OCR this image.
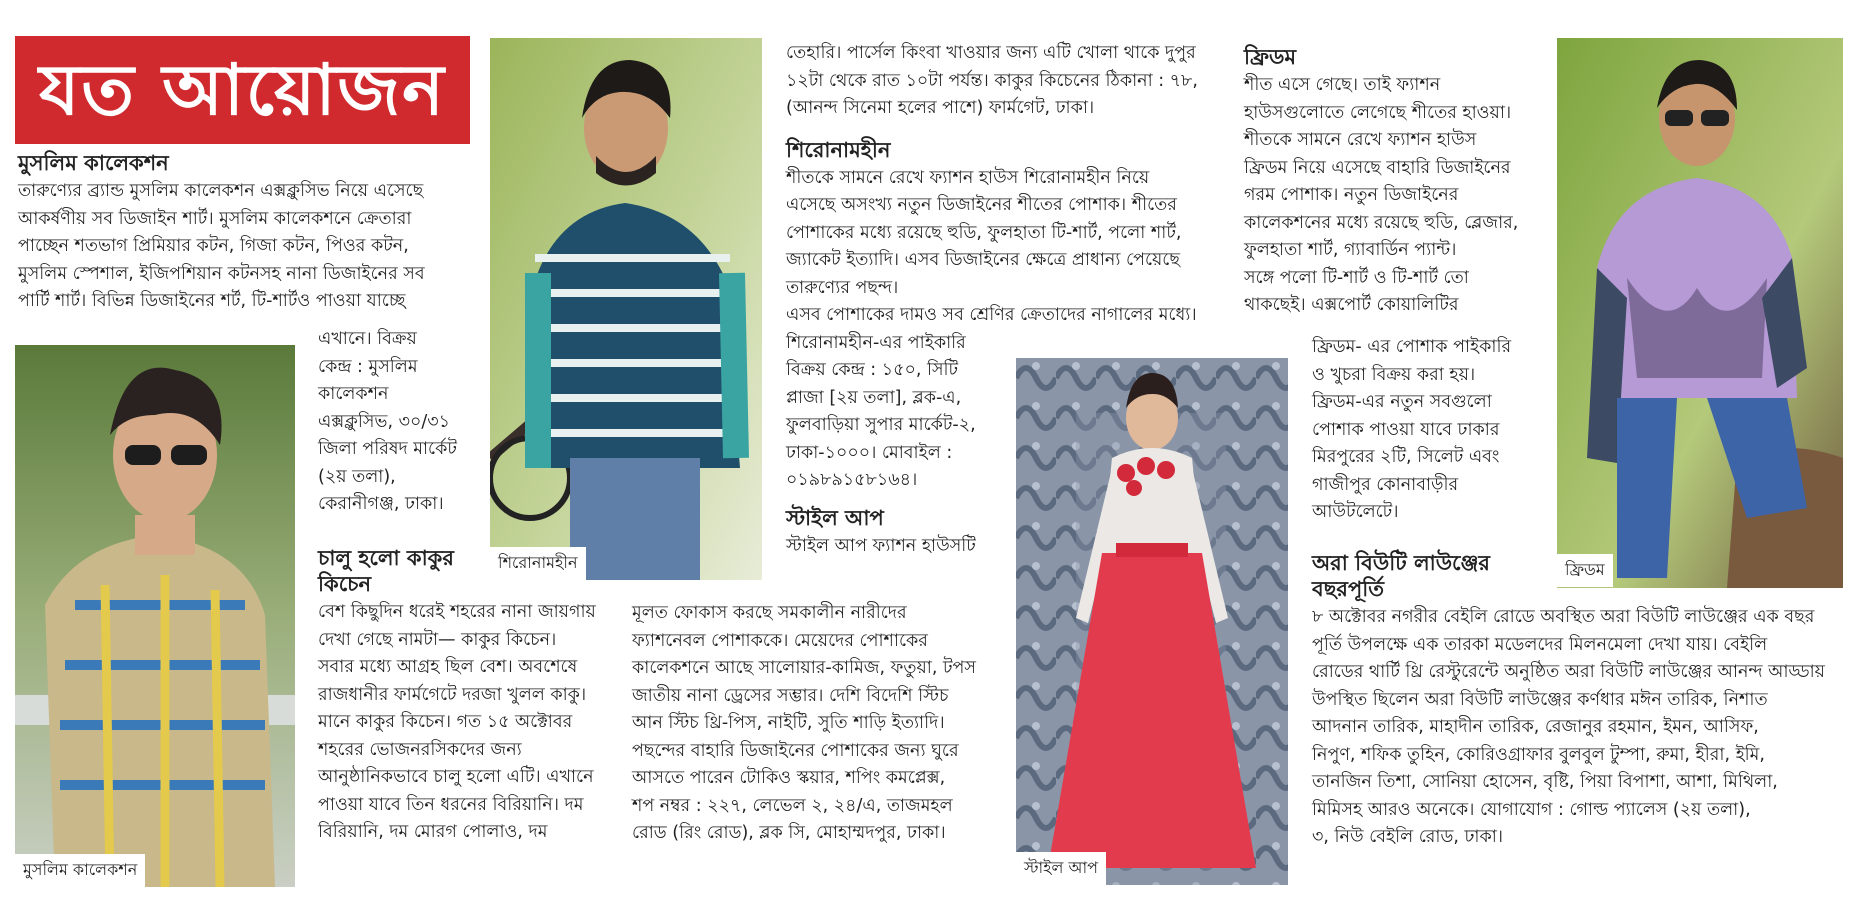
যত আয়োজন
মুসলিম কালেকশন
তারুণ্যের ব্র্যান্ড মুসলিম কালেকশন এক্সক্লুসিভ নিয়ে এসেছে
আকর্ষণীয় সব ডিজাইন শার্ট। মুসলিম কালেকশনে ক্রেতারা
পাচ্ছেন শতভাগ প্রিমিয়ার কটন, গিজা কটন, পিওর কটন,
মুসলিম স্পেশাল, ইজিপশিয়ান কটনসহ নানা ডিজাইনের সব
পার্টি শার্ট। বিভিন্ন ডিজাইনের শর্ট, টি-শার্টও পাওয়া যাচ্ছে
মুসলিম কালেকশন
এখানে। বিক্রয়
কেন্দ্র : মুসলিম
কালেকশন
এক্সক্লুসিভ, ৩০/৩১
জিলা পরিষদ মার্কেট
(২য় তলা),
কেরানীগঞ্জ, ঢাকা।
শিরোনামহীন
চালু হলো কাকুর
কিচেন
বেশ কিছুদিন ধরেই শহরের নানা জায়গায়
দেখা গেছে নামটা— কাকুর কিচেন।
সবার মধ্যে আগ্রহ ছিল বেশ। অবশেষে
রাজধানীর ফার্মগেটে দরজা খুলল কাকু।
মানে কাকুর কিচেন। গত ১৫ অক্টোবর
শহরের ভোজনরসিকদের জন্য
আনুষ্ঠানিকভাবে চালু হলো এটি। এখানে
পাওয়া যাবে তিন ধরনের বিরিয়ানি। দম
বিরিয়ানি, দম মোরগ পোলাও, দম
তেহারি। পার্সেল কিংবা খাওয়ার জন্য এটি খোলা থাকে দুপুর
১২টা থেকে রাত ১০টা পর্যন্ত। কাকুর কিচেনের ঠিকানা : ৭৮,
(আনন্দ সিনেমা হলের পাশে) ফার্মগেট, ঢাকা।
শিরোনামহীন
শীতকে সামনে রেখে ফ্যাশন হাউস শিরোনামহীন নিয়ে
এসেছে অসংখ্য নতুন ডিজাইনের শীতের পোশাক। শীতের
পোশাকের মধ্যে রয়েছে হুডি, ফুলহাতা টি-শার্ট, পলো শার্ট,
জ্যাকেট ইত্যাদি। এসব ডিজাইনের ক্ষেত্রে প্রাধান্য পেয়েছে
তারুণ্যের পছন্দ।
এসব পোশাকের দামও সব শ্রেণির ক্রেতাদের নাগালের মধ্যে।
শিরোনামহীন-এর পাইকারি
বিক্রয় কেন্দ্র : ১৫০, সিটি
প্লাজা [২য় তলা], ব্লক-এ,
ফুলবাড়িয়া সুপার মার্কেট-২,
ঢাকা-১০০০। মোবাইল :
০১৯৮৯১৫৮১৬৪।
স্টাইল আপ
স্টাইল আপ ফ্যাশন হাউসটি
মূলত ফোকাস করছে সমকালীন নারীদের
ফ্যাশনেবল পোশাককে। মেয়েদের পোশাকের
কালেকশনে আছে সালোয়ার-কামিজ, ফতুয়া, টপস
জাতীয় নানা ড্রেসের সম্ভার। দেশি বিদেশি স্টিচ
আন স্টিচ থ্রি-পিস, নাইটি, সুতি শাড়ি ইত্যাদি।
পছন্দের বাহারি ডিজাইনের পোশাকের জন্য ঘুরে
আসতে পারেন টোকিও স্কয়ার, শপিং কমপ্লেক্স,
শপ নম্বর : ২২৭, লেভেল ২, ২৪/এ, তাজমহল
রোড (রিং রোড), ব্লক সি, মোহাম্মদপুর, ঢাকা।
স্টাইল আপ
ফ্রিডম
শীত এসে গেছে। তাই ফ্যাশন
হাউসগুলোতে লেগেছে শীতের হাওয়া।
শীতকে সামনে রেখে ফ্যাশন হাউস
ফ্রিডম নিয়ে এসেছে বাহারি ডিজাইনের
গরম পোশাক। নতুন ডিজাইনের
কালেকশনের মধ্যে রয়েছে হুডি, ব্লেজার,
ফুলহাতা শার্ট, গ্যাবার্ডিন প্যান্ট।
সঙ্গে পলো টি-শার্ট ও টি-শার্ট তো
থাকছেই। এক্সপোর্ট কোয়ালিটির
ফ্রিডম- এর পোশাক পাইকারি
ও খুচরা বিক্রয় করা হয়।
ফ্রিডম-এর নতুন সবগুলো
পোশাক পাওয়া যাবে ঢাকার
মিরপুরের ২টি, সিলেট এবং
গাজীপুর কোনাবাড়ীর
আউটলেটে।
ফ্রিডম
অরা বিউটি লাউঞ্জের
বছরপূর্তি
৮ অক্টোবর নগরীর বেইলি রোডে অবস্থিত অরা বিউটি লাউঞ্জের এক বছর
পূর্তি উপলক্ষে এক তারকা মডেলদের মিলনমেলা দেখা যায়। বেইলি
রোডের থার্টি থ্রি রেস্টুরেন্টে অনুষ্ঠিত অরা বিউটি লাউঞ্জের আনন্দ আড্ডায়
উপস্থিত ছিলেন অরা বিউটি লাউঞ্জের কর্ণধার মঈন তারিক, নিশাত
আদনান তারিক, মাহাদীন তারিক, রেজানুর রহমান, ইমন, আসিফ,
নিপুণ, শফিক তুহিন, কোরিওগ্রাফার বুলবুল টুম্পা, রুমা, হীরা, ইমি,
তানজিন তিশা, সোনিয়া হোসেন, বৃষ্টি, পিয়া বিপাশা, আশা, মিথিলা,
মিমিসহ আরও অনেকে। যোগাযোগ : গোল্ড প্যালেস (২য় তলা),
৩, নিউ বেইলি রোড, ঢাকা।
